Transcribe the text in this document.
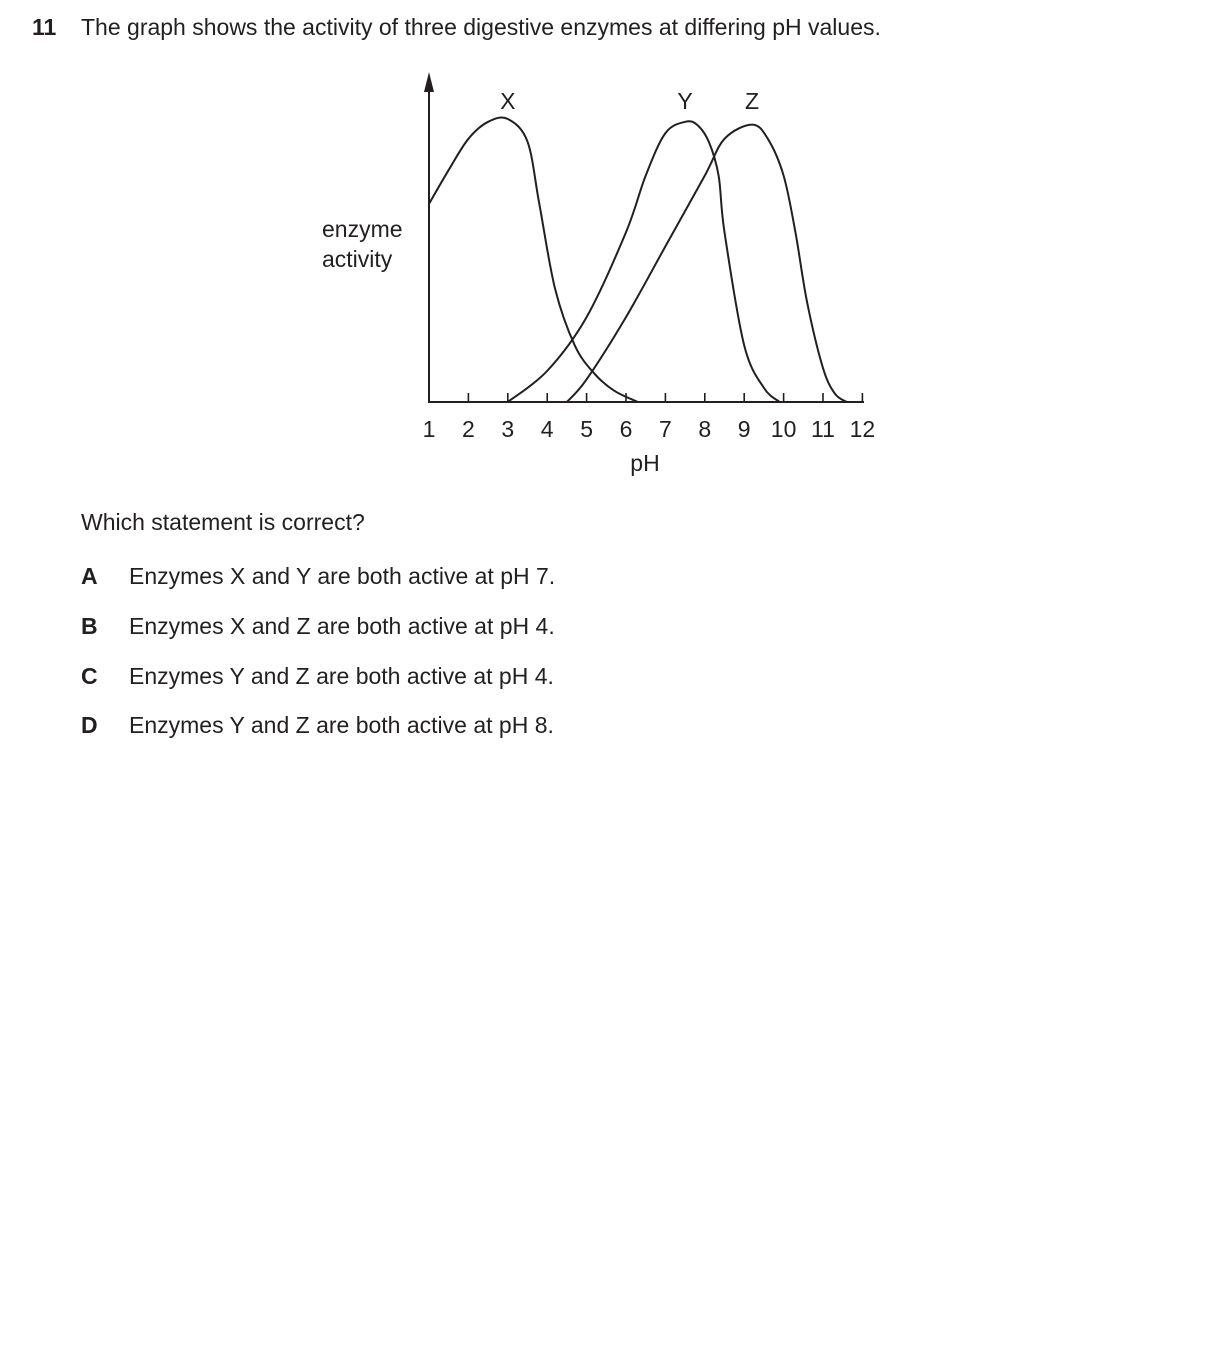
11 The graph shows the activity of three digestive enzymes at differing pH values.
1 2 3 4 5 6 7 8 9 10 11 12
X	Y Z
enzyme
activity
pH
Which statement is correct?
A Enzymes X and Y are both active at pH 7.
B Enzymes X and Z are both active at pH 4.
C Enzymes Y and Z are both active at pH 4.
D Enzymes Y and Z are both active at pH 8.
